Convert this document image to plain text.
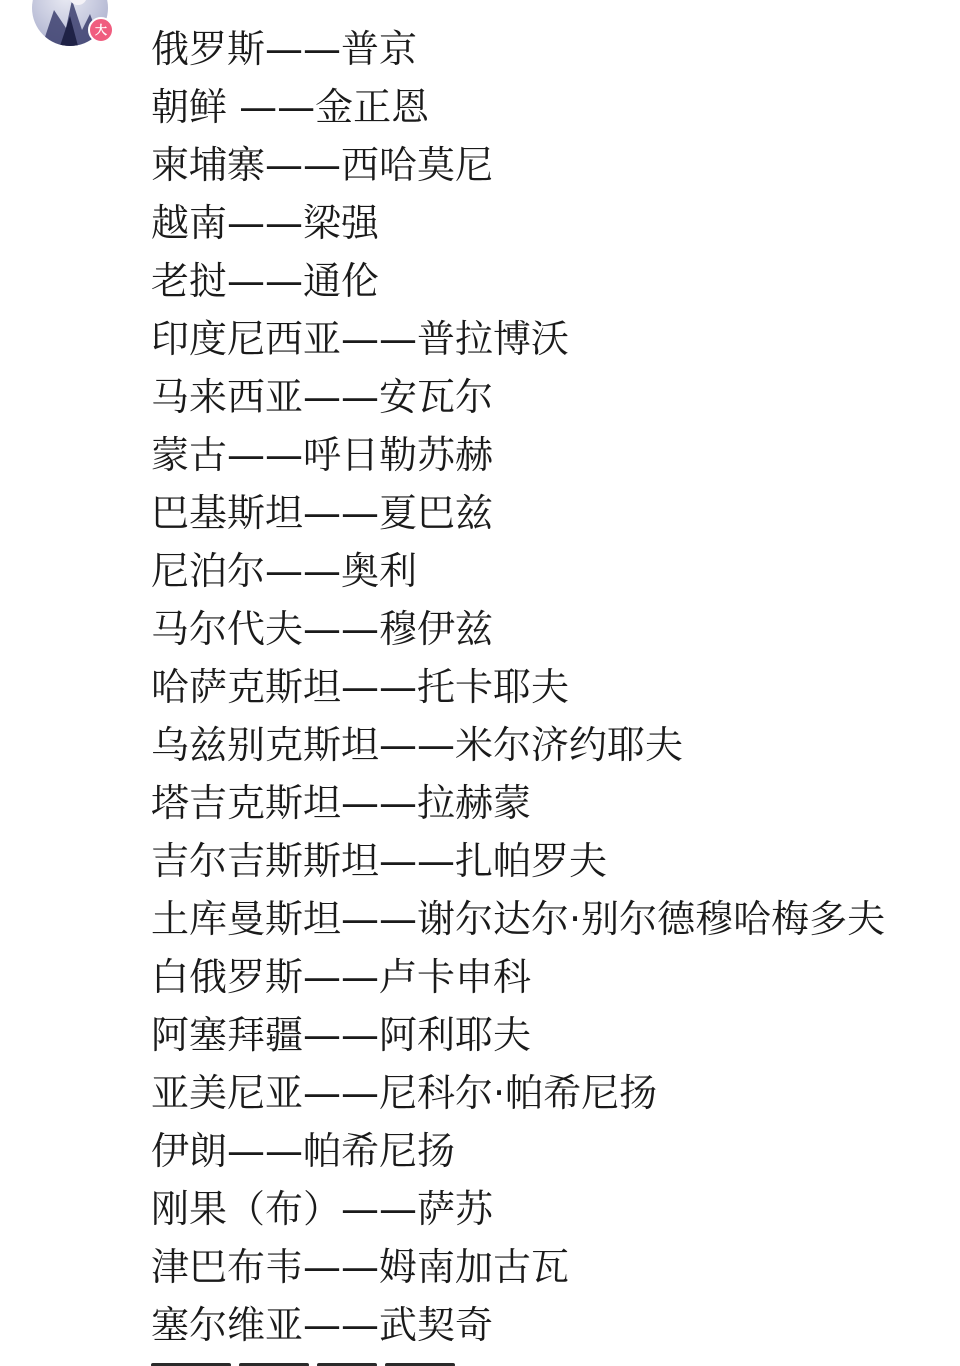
大 俄罗斯——普京
朝鲜 ——金正恩
柬埔寨——西哈莫尼
越南——梁强
老挝——通伦
印度尼西亚——普拉博沃
马来西亚——安瓦尔
蒙古——呼日勒苏赫
巴基斯坦——夏巴兹
尼泊尔——奥利
马尔代夫——穆伊兹
哈萨克斯坦——托卡耶夫
乌兹别克斯坦——米尔济约耶夫
塔吉克斯坦——拉赫蒙
吉尔吉斯斯坦——扎帕罗夫
土库曼斯坦——谢尔达尔·别尔德穆哈梅多夫
白俄罗斯——卢卡申科
阿塞拜疆——阿利耶夫
亚美尼亚——尼科尔·帕希尼扬
伊朗——帕希尼扬
刚果（布）——萨苏
津巴布韦——姆南加古瓦
塞尔维亚——武契奇
